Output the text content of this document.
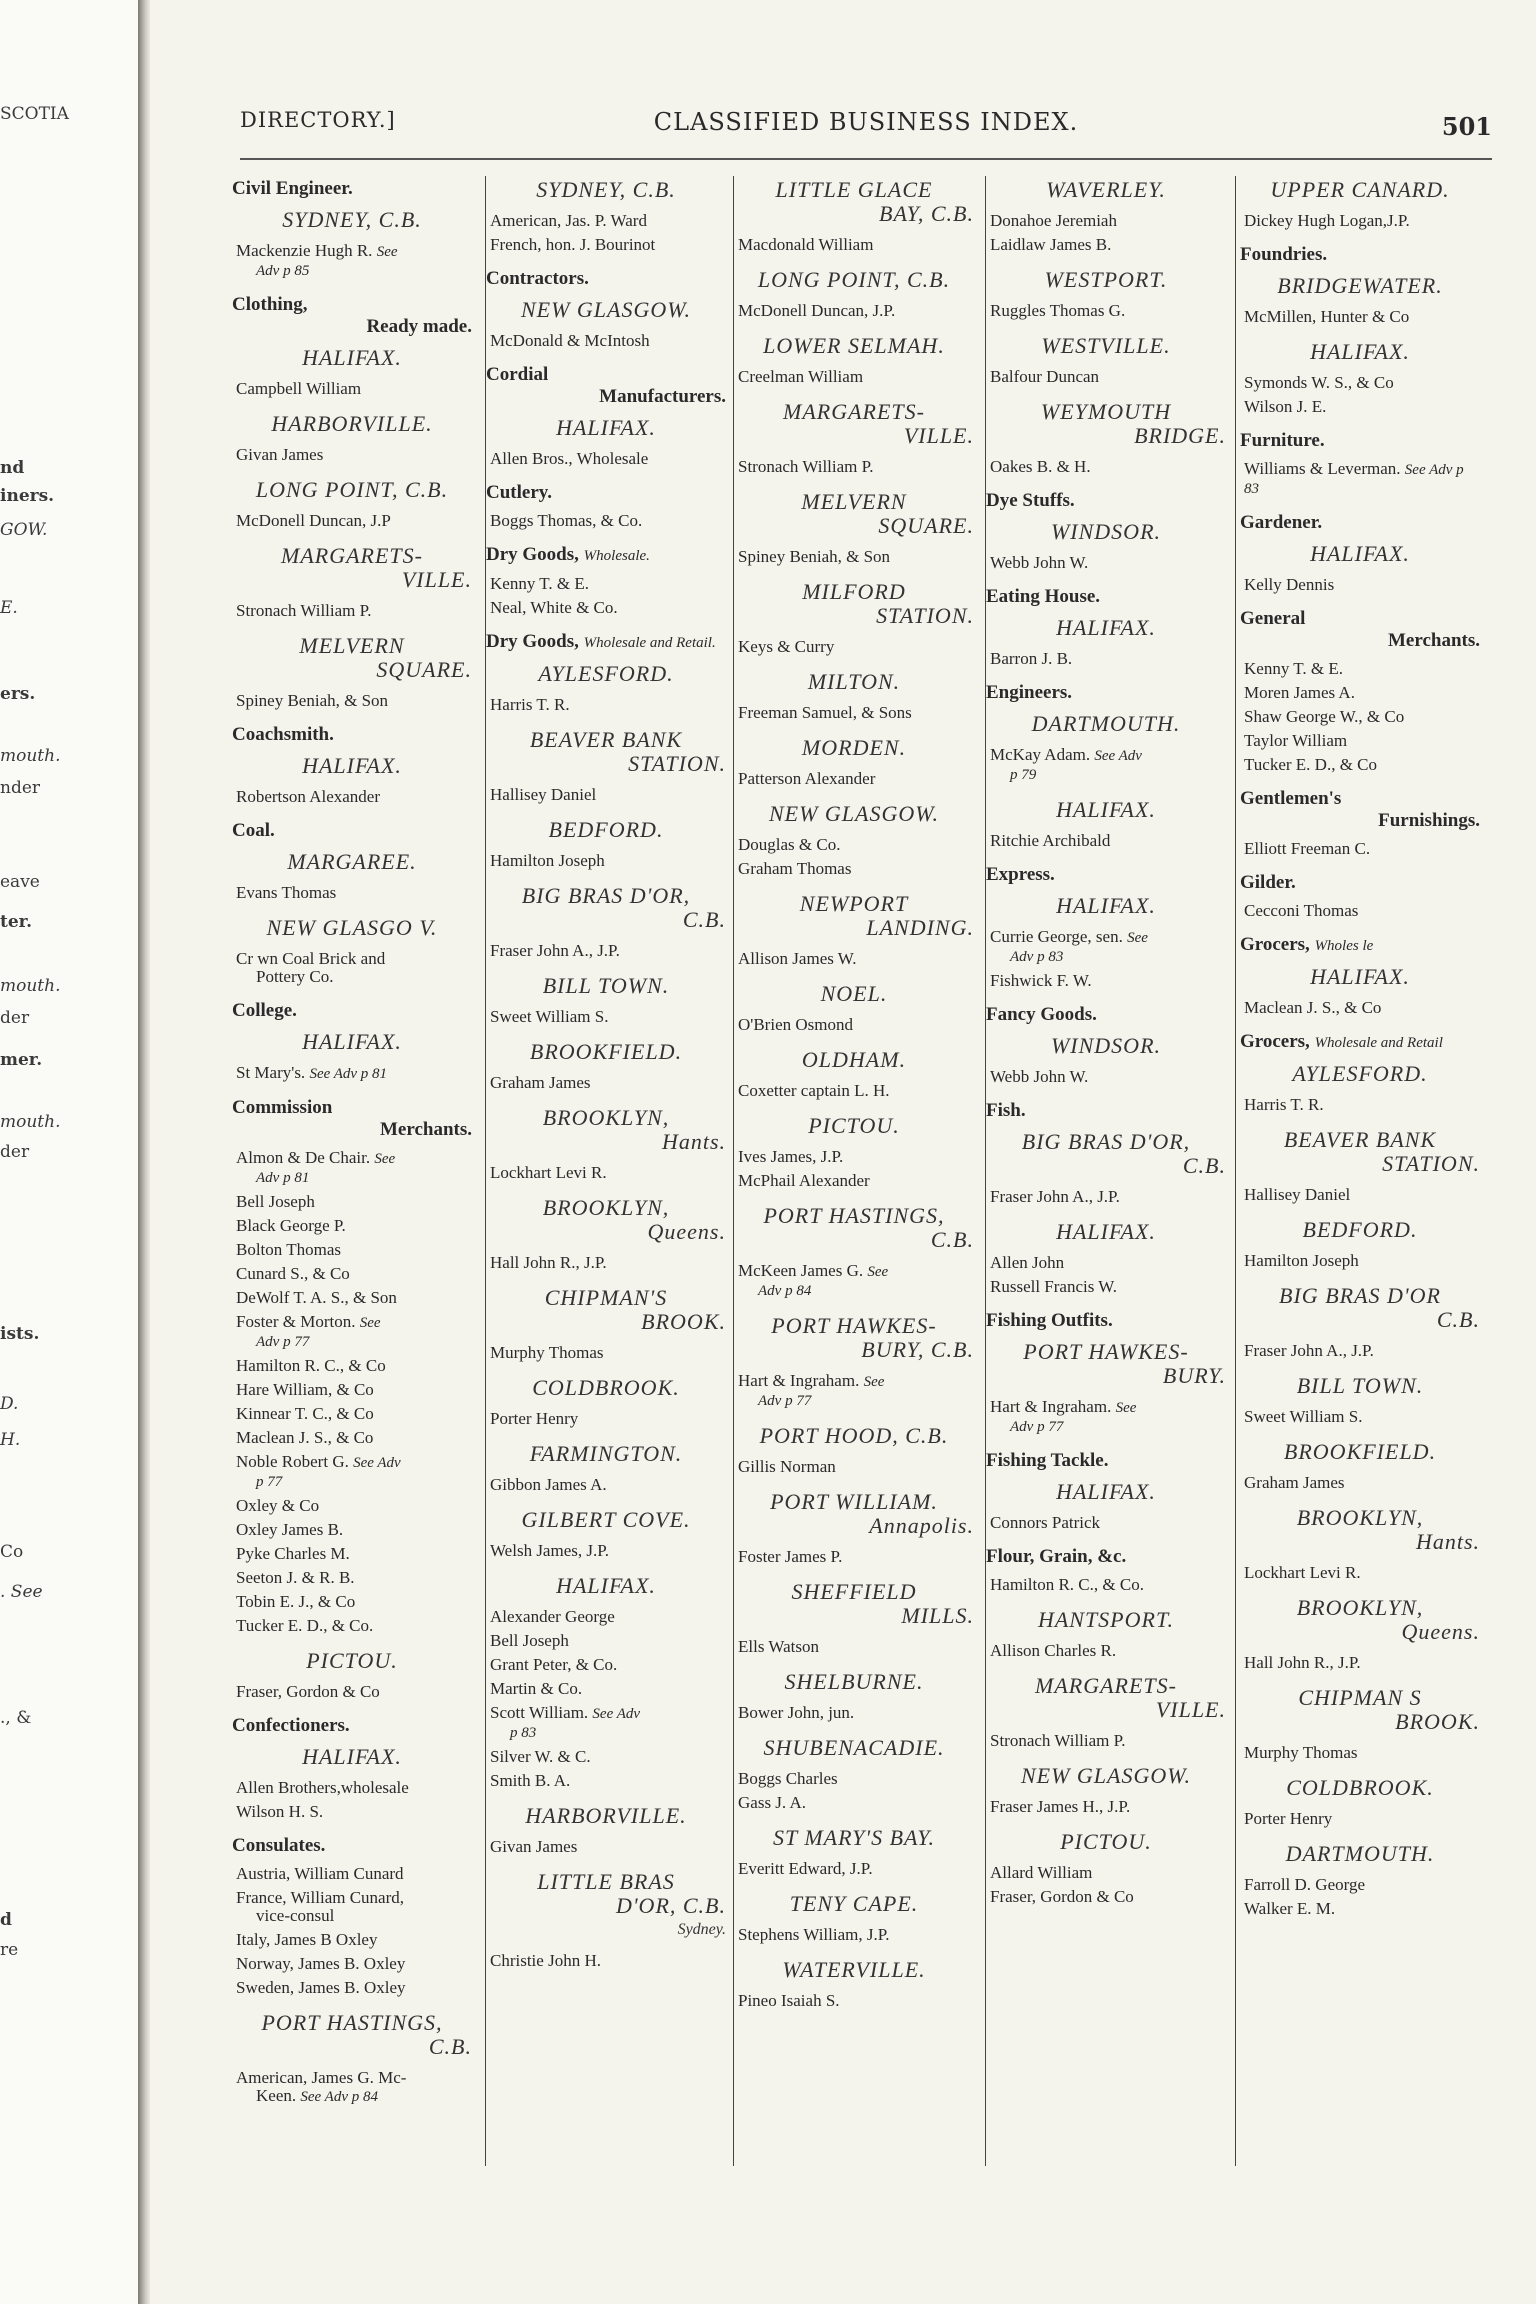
SCOTIA
nd
iners.
GOW.
E.
ers.
mouth.
nder
eave
ter.
mouth.
der
mer.
mouth.
der
ists.
D.
H.
Co
. See
., &
d
re
DIRECTORY.]	CLASSIFIED BUSINESS INDEX.	501
Civil Engineer.
SYDNEY, C.B.
Mackenzie Hugh R. See
Adv p 85
Clothing,
Ready made.
HALIFAX.
Campbell William
HARBORVILLE.
Givan James
LONG POINT, C.B.
McDonell Duncan, J.P
MARGARETS-
VILLE.
Stronach William P.
MELVERN
SQUARE.
Spiney Beniah, & Son
Coachsmith.
HALIFAX.
Robertson Alexander
Coal.
MARGAREE.
Evans Thomas
NEW GLASGO V.
Cr wn Coal Brick and
Pottery Co.
College.
HALIFAX.
St Mary's. See Adv p 81
Commission
Merchants.
Almon & De Chair. See
Adv p 81
Bell Joseph
Black George P.
Bolton Thomas
Cunard S., & Co
DeWolf T. A. S., & Son
Foster & Morton. See
Adv p 77
Hamilton R. C., & Co
Hare William, & Co
Kinnear T. C., & Co
Maclean J. S., & Co
Noble Robert G. See Adv
p 77
Oxley & Co
Oxley James B.
Pyke Charles M.
Seeton J. & R. B.
Tobin E. J., & Co
Tucker E. D., & Co.
PICTOU.
Fraser, Gordon & Co
Confectioners.
HALIFAX.
Allen Brothers,wholesale
Wilson H. S.
Consulates.
Austria, William Cunard
France, William Cunard,
vice-consul
Italy, James B Oxley
Norway, James B. Oxley
Sweden, James B. Oxley
PORT HASTINGS,
C.B.
American, James G. Mc-
Keen. See Adv p 84
SYDNEY, C.B.
American, Jas. P. Ward
French, hon. J. Bourinot
Contractors.
NEW GLASGOW.
McDonald & McIntosh
Cordial
Manufacturers.
HALIFAX.
Allen Bros., Wholesale
Cutlery.
Boggs Thomas, & Co.
Dry Goods, Wholesale.
Kenny T. & E.
Neal, White & Co.
Dry Goods, Wholesale and Retail.
AYLESFORD.
Harris T. R.
BEAVER BANK
STATION.
Hallisey Daniel
BEDFORD.
Hamilton Joseph
BIG BRAS D'OR,
C.B.
Fraser John A., J.P.
BILL TOWN.
Sweet William S.
BROOKFIELD.
Graham James
BROOKLYN,
Hants.
Lockhart Levi R.
BROOKLYN,
Queens.
Hall John R., J.P.
CHIPMAN'S
BROOK.
Murphy Thomas
COLDBROOK.
Porter Henry
FARMINGTON.
Gibbon James A.
GILBERT COVE.
Welsh James, J.P.
HALIFAX.
Alexander George
Bell Joseph
Grant Peter, & Co.
Martin & Co.
Scott William. See Adv
p 83
Silver W. & C.
Smith B. A.
HARBORVILLE.
Givan James
LITTLE BRAS
D'OR, C.B.
Sydney.
Christie John H.
LITTLE GLACE
BAY, C.B.
Macdonald William
LONG POINT, C.B.
McDonell Duncan, J.P.
LOWER SELMAH.
Creelman William
MARGARETS-
VILLE.
Stronach William P.
MELVERN
SQUARE.
Spiney Beniah, & Son
MILFORD
STATION.
Keys & Curry
MILTON.
Freeman Samuel, & Sons
MORDEN.
Patterson Alexander
NEW GLASGOW.
Douglas & Co.
Graham Thomas
NEWPORT
LANDING.
Allison James W.
NOEL.
O'Brien Osmond
OLDHAM.
Coxetter captain L. H.
PICTOU.
Ives James, J.P.
McPhail Alexander
PORT HASTINGS,
C.B.
McKeen James G. See
Adv p 84
PORT HAWKES-
BURY, C.B.
Hart & Ingraham. See
Adv p 77
PORT HOOD, C.B.
Gillis Norman
PORT WILLIAM.
Annapolis.
Foster James P.
SHEFFIELD
MILLS.
Ells Watson
SHELBURNE.
Bower John, jun.
SHUBENACADIE.
Boggs Charles
Gass J. A.
ST MARY'S BAY.
Everitt Edward, J.P.
TENY CAPE.
Stephens William, J.P.
WATERVILLE.
Pineo Isaiah S.
WAVERLEY.
Donahoe Jeremiah
Laidlaw James B.
WESTPORT.
Ruggles Thomas G.
WESTVILLE.
Balfour Duncan
WEYMOUTH
BRIDGE.
Oakes B. & H.
Dye Stuffs.
WINDSOR.
Webb John W.
Eating House.
HALIFAX.
Barron J. B.
Engineers.
DARTMOUTH.
McKay Adam. See Adv
p 79
HALIFAX.
Ritchie Archibald
Express.
HALIFAX.
Currie George, sen. See
Adv p 83
Fishwick F. W.
Fancy Goods.
WINDSOR.
Webb John W.
Fish.
BIG BRAS D'OR,
C.B.
Fraser John A., J.P.
HALIFAX.
Allen John
Russell Francis W.
Fishing Outfits.
PORT HAWKES-
BURY.
Hart & Ingraham. See
Adv p 77
Fishing Tackle.
HALIFAX.
Connors Patrick
Flour, Grain, &c.
Hamilton R. C., & Co.
HANTSPORT.
Allison Charles R.
MARGARETS-
VILLE.
Stronach William P.
NEW GLASGOW.
Fraser James H., J.P.
PICTOU.
Allard William
Fraser, Gordon & Co
UPPER CANARD.
Dickey Hugh Logan,J.P.
Foundries.
BRIDGEWATER.
McMillen, Hunter & Co
HALIFAX.
Symonds W. S., & Co
Wilson J. E.
Furniture.
Williams & Leverman. See Adv p 83
Gardener.
HALIFAX.
Kelly Dennis
General
Merchants.
Kenny T. & E.
Moren James A.
Shaw George W., & Co
Taylor William
Tucker E. D., & Co
Gentlemen's
Furnishings.
Elliott Freeman C.
Gilder.
Cecconi Thomas
Grocers, Wholes le
HALIFAX.
Maclean J. S., & Co
Grocers, Wholesale and Retail
AYLESFORD.
Harris T. R.
BEAVER BANK
STATION.
Hallisey Daniel
BEDFORD.
Hamilton Joseph
BIG BRAS D'OR
C.B.
Fraser John A., J.P.
BILL TOWN.
Sweet William S.
BROOKFIELD.
Graham James
BROOKLYN,
Hants.
Lockhart Levi R.
BROOKLYN,
Queens.
Hall John R., J.P.
CHIPMAN S
BROOK.
Murphy Thomas
COLDBROOK.
Porter Henry
DARTMOUTH.
Farroll D. George
Walker E. M.
